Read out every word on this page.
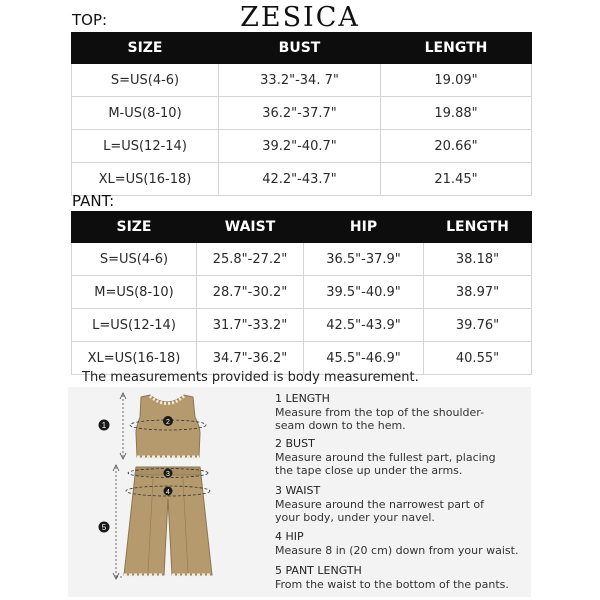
ZESICA
TOP:
SIZE	BUST	LENGTH
S=US(4-6)	33.2"-34. 7"	19.09"
M-US(8-10)	36.2"-37.7"	19.88"
L=US(12-14)	39.2"-40.7"	20.66"
XL=US(16-18)	42.2"-43.7"	21.45"
PANT:
SIZE	WAIST	HIP	LENGTH
S=US(4-6)	25.8"-27.2"	36.5"-37.9"	38.18"
M=US(8-10)	28.7"-30.2"	39.5"-40.9"	38.97"
L=US(12-14)	31.7"-33.2"	42.5"-43.9"	39.76"
XL=US(16-18)	34.7"-36.2"	45.5"-46.9"	40.55"
The measurements provided is body measurement.
1	2
3
4
5
1 LENGTH
Measure from the top of the shoulder-
seam down to the hem.
2 BUST
Measure around the fullest part, placing
the tape close up under the arms.
3 WAIST
Measure around the narrowest part of
your body, under your navel.
4 HIP
Measure 8 in (20 cm) down from your waist.
5 PANT LENGTH
From the waist to the bottom of the pants.
